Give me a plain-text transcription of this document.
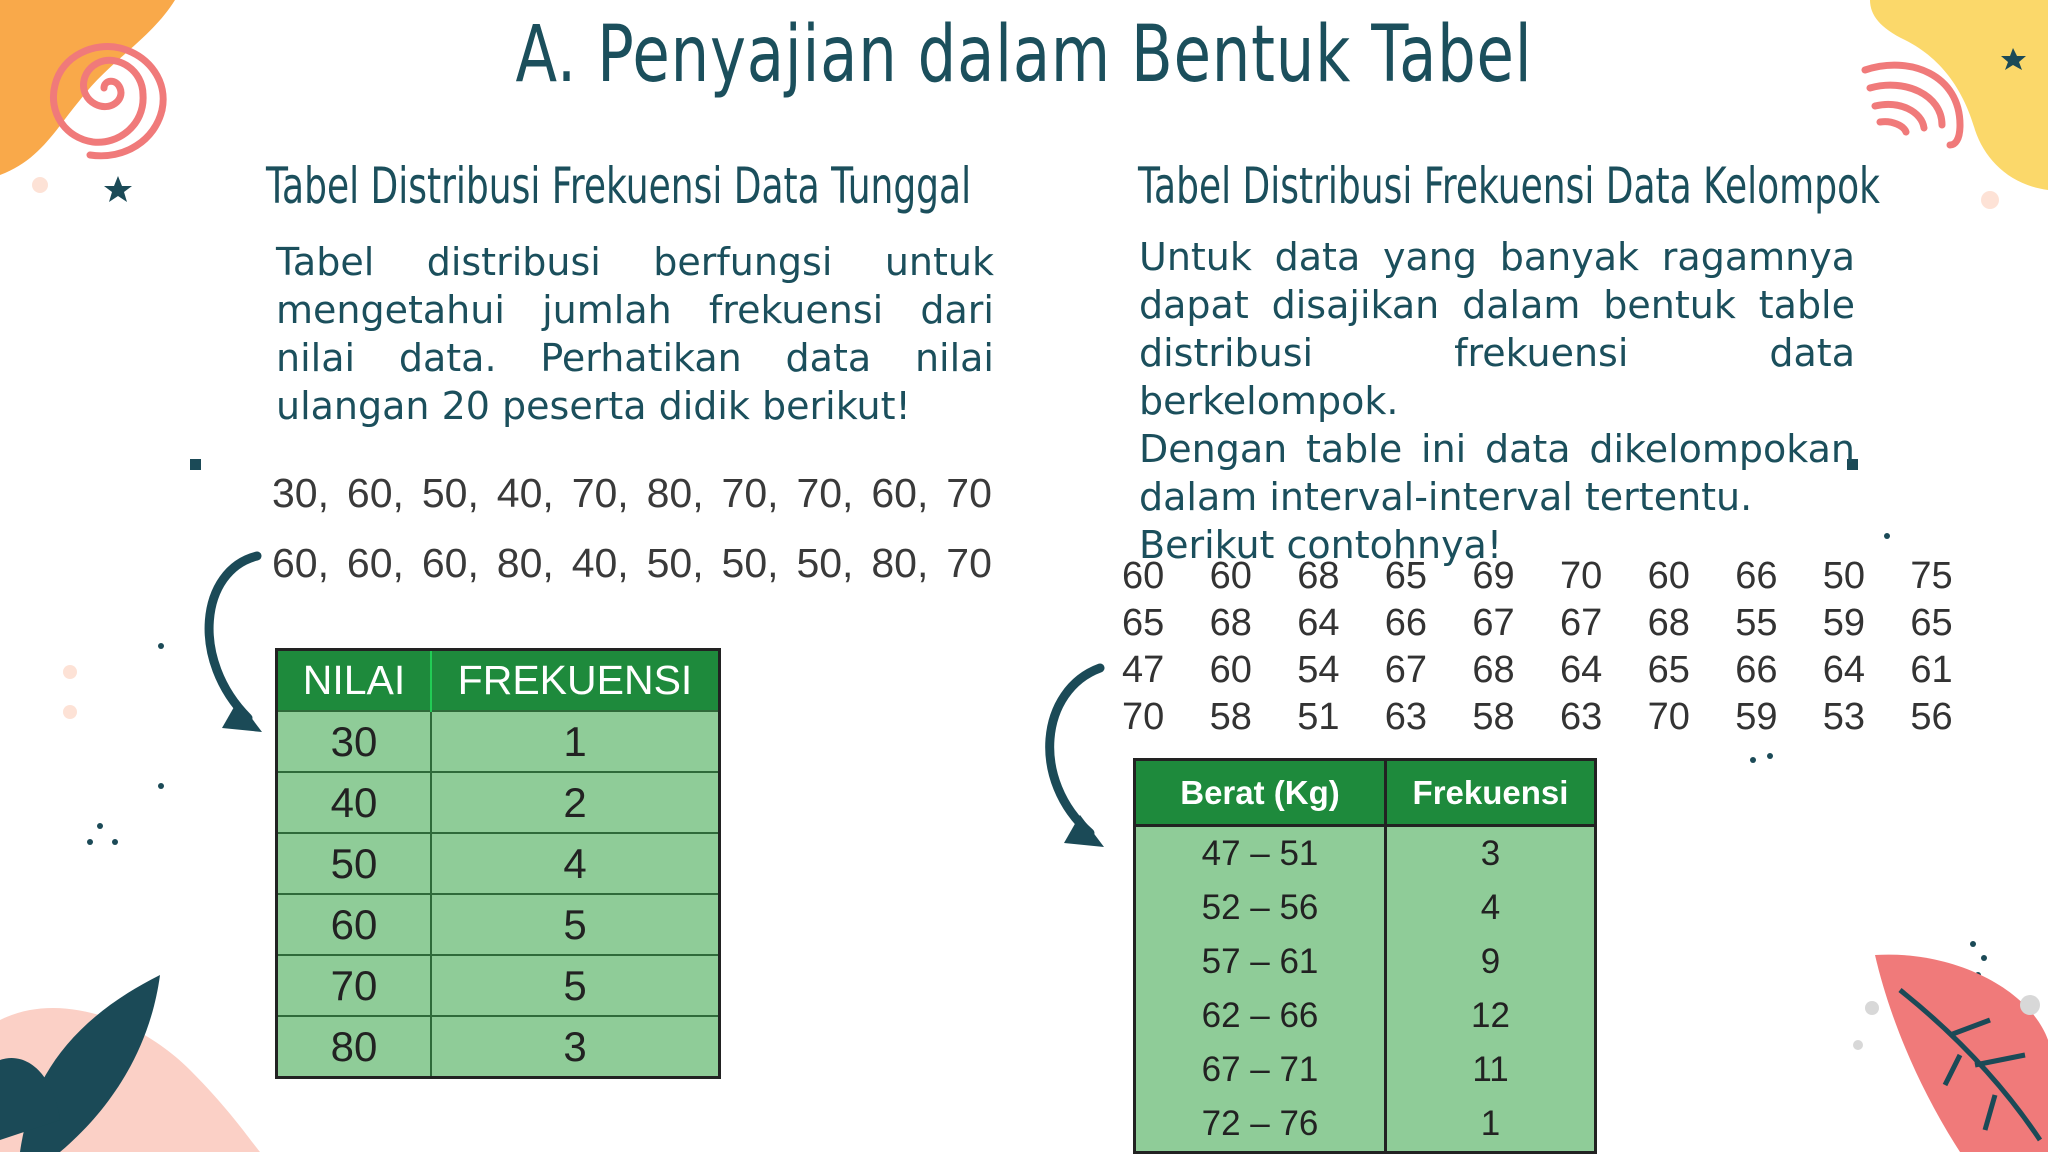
A. Penyajian dalam Bentuk Tabel
Tabel Distribusi Frekuensi Data Tunggal

Tabel distribusi berfungsi untuk mengetahui jumlah frekuensi dari nilai data. Perhatikan data nilai ulangan 20 peserta didik berikut!

30, 60, 50, 40, 70, 80, 70, 70, 60, 70
60, 60, 60, 80, 40, 50, 50, 50, 80, 70
NILAI	FREKUENSI
30	1
40	2
50	4
60	5
70	5
80	3
Tabel Distribusi Frekuensi Data Kelompok

Untuk data yang banyak ragamnya dapat disajikan dalam bentuk table distribusi frekuensi data berkelompok.

Dengan table ini data dikelompokan dalam interval-interval tertentu.

Berikut contohnya!

60	60	68	65	69	70	60	66	50	75
65	68	64	66	67	67	68	55	59	65
47	60	54	67	68	64	65	66	64	61
70	58	51	63	58	63	70	59	53	56
Berat (Kg)	Frekuensi
47 – 51	3
52 – 56	4
57 – 61	9
62 – 66	12
67 – 71	11
72 – 76	1
